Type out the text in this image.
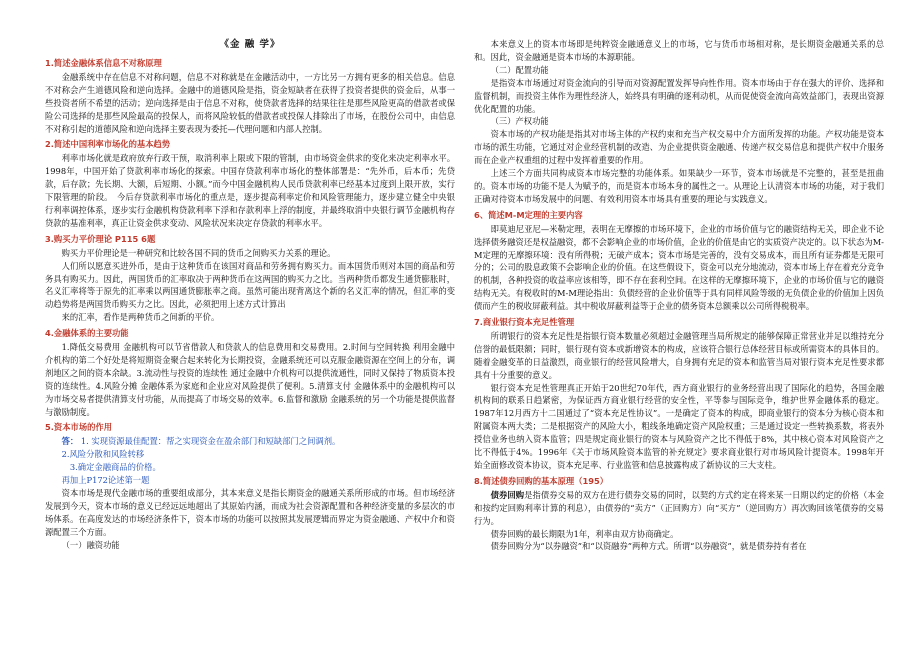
《金 融 学》
1.简述金融体系信息不对称原理

金融系统中存在信息不对称问题，信息不对称就是在金融活动中，一方比另一方拥有更多的相关信息。信息不对称会产生道德风险和逆向选择。金融中的道德风险是指，资金短缺者在获得了投资者提供的资金后，从事一些投资者所不希望的活动；逆向选择是由于信息不对称，使贷款者选择的结果往往是那些风险更高的借款者或保险公司选择的是那些风险最高的投保人，而将风险较低的借款者或投保人排除出了市场，在股份公司中，由信息不对称引起的道德风险和逆向选择主要表现为委托—代理问题和内部人控制。

2.简述中国利率市场化的基本趋势

利率市场化就是政府放弃行政干预，取消利率上限或下限的管制，由市场资金供求的变化来决定利率水平。1998年，中国开始了贷款利率市场化的探索。中国存贷款利率市场化的整体部署是：“先外币，后本币；先贷款，后存款；先长期、大额，后短期、小额。”而今中国金融机构人民币贷款利率已经基本过度到上限开放，实行下限管理的阶段。　今后存贷款利率市场化的重点是，逐步提高利率定价和风险管理能力，逐步建立健全中央银行利率调控体系，逐步实行金融机构贷款利率下浮和存款利率上浮的制度，并最终取消中央银行调节金融机构存贷款的基准利率，真正让资金供求变动、风险状况来决定存贷款的利率水平。

3.购买力平价理论 P115 6题

购买力平价理论是一种研究和比较各国不同的货币之间购买力关系的理论。

人们所以愿意买进外币，是由于这种货币在该国对商品和劳务拥有购买力。而本国货币则对本国的商品和劳务具有购买力。因此，两国货币的汇率取决于两种货币在这两国的购买力之比。当两种货币都发生通货膨胀时，名义汇率将等于原先的汇率乘以两国通货膨胀率之商。虽然可能出现背离这个新的名义汇率的情况，但汇率的变动趋势将是两国货币购买力之比。因此，必须把用上述方式计算出

来的汇率，看作是两种货币之间新的平价。

4.金融体系的主要功能

1.降低交易费用 金融机构可以节省借款人和贷款人的信息费用和交易费用。2.时间与空间转换 利用金融中介机构的第二个好处是将短期资金聚合起来转化为长期投资，金融系统还可以克服金融资源在空间上的分布，调剂地区之间的资本余缺。3.流动性与投资的连续性 通过金融中介机构可以提供流通性，同时又保持了物质资本投资的连续性。4.风险分摊 金融体系为家庭和企业应对风险提供了便利。5.清算支付 金融体系中的金融机构可以为市场交易者提供清算支付功能，从而提高了市场交易的效率。6.监督和激励 金融系统的另一个功能是提供监督与激励制度。

5.资本市场的作用

答： 1. 实现资源最佳配置：帮之实现资金在盈余部门和短缺部门之间调剂。

2.风险分散和风险转移

3.确定金融商品的价格。

再加上P172论述第一题

资本市场是现代金融市场的重要组成部分，其本来意义是指长期资金的融通关系所形成的市场。但市场经济发展到今天，资本市场的意义已经远远地超出了其原始内涵，而成为社会资源配置和各种经济变量的多层次的市场体系。在高度发达的市场经济条件下，资本市场的功能可以按照其发展逻辑而界定为资金融通、产权中介和资源配置三个方面。

（一）融资功能

本来意义上的资本市场即是纯粹资金融通意义上的市场，它与货币市场相对称，是长期资金融通关系的总和。因此，资金融通是资本市场的本源职能。

（二）配置功能

是指资本市场通过对资金流向的引导而对资源配置发挥导向性作用。资本市场由于存在强大的评价、选择和监督机制，而投资主体作为理性经济人，始终具有明确的逐利动机，从而促使资金流向高效益部门，表现出资源优化配置的功能。

（三）产权功能

资本市场的产权功能是指其对市场主体的产权约束和充当产权交易中介方面所发挥的功能。产权功能是资本市场的派生功能，它通过对企业经营机制的改造、为企业提供资金融通、传递产权交易信息和提供产权中介服务而在企业产权重组的过程中发挥着重要的作用。

上述三个方面共同构成资本市场完整的功能体系。如果缺少一环节，资本市场就是不完整的，甚至是扭曲的。资本市场的功能不是人为赋予的，而是资本市场本身的属性之一。从理论上认清资本市场的功能，对于我们正确对待资本市场发展中的问题、有效利用资本市场具有重要的理论与实践意义。

6、简述M-M定理的主要内容

即莫迪尼亚尼—米勒定理，表明在无摩擦的市场环境下，企业的市场价值与它的融资结构无关，即企业不论选择债务融资还是权益融资，都不会影响企业的市场价值，企业的价值是由它的实质资产决定的。以下状态为M-M定理的无摩擦环境：没有所得税；无破产成本；资本市场是完善的，没有交易成本，而且所有证券都是无限可分的；公司的股息政策不会影响企业的价值。在这些假设下，资金可以充分地流动，资本市场上存在着充分竞争的机制，各种投资的收益率应该相等，即不存在套利空间。在这样的无摩擦环境下，企业的市场价值与它的融资结构无关。有税收时的M-M理论指出：负债经营的企业价值等于具有同样风险等级的无负债企业的价值加上因负债而产生的税收屏蔽利益。其中税收屏蔽利益等于企业的债务资本总额乘以公司所得税税率。

7.商业银行资本充足性管理

所谓银行的资本充足性是指银行资本数量必须超过金融管理当局所规定的能够保障正常营业并足以维持充分信誉的最低限额；同时，银行现有资本或新增资本的构成，应该符合银行总体经营目标或所需资本的具体目的。随着金融变革的日益激烈，商业银行的经营风险增大，自身拥有充足的资本和监管当局对银行资本充足性要求都具有十分重要的意义。

银行资本充足性管理真正开始于20世纪70年代，西方商业银行的业务经营出现了国际化的趋势，各国金融机构间的联系日趋紧密，为保证西方商业银行经营的安全性，平等参与国际竞争，维护世界金融体系的稳定。1987年12月西方十二国通过了“资本充足性协议”。一是确定了资本的构成，即商业银行的资本分为核心资本和附属资本两大类；二是根据资产的风险大小，粗线条地确定资产风险权重；三是通过设定一些转换系数，将表外授信业务也纳入资本监管；四是规定商业银行的资本与风险资产之比不得低于8%，其中核心资本对风险资产之比不得低于4%。1996年《关于市场风险资本监管的补充规定》要求商业银行对市场风险计提资本。1998年开始全面修改资本协议，资本充足率、行业监管和信息披露构成了新协议的三大支柱。

8.简述债券回购的基本原理（195）

债券回购是指债券交易的双方在进行债券交易的同时，以契约方式约定在将来某一日期以约定的价格（本金和按约定回购利率计算的利息），由债券的“卖方”（正回购方）向“买方”（逆回购方）再次购回该笔债券的交易行为。

债券回购的最长期限为1年，利率由双方协商确定。

债券回购分为“以券融资”和“以资融券”两种方式。所谓“以券融资”，就是债券持有者在
